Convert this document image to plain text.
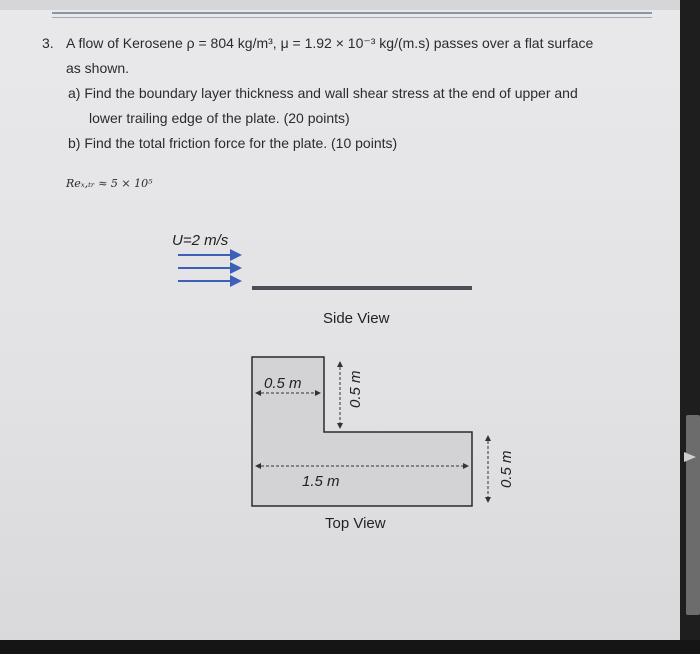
3. A flow of Kerosene ρ = 804 kg/m³, μ = 1.92 × 10⁻³ kg/(m.s) passes over a flat surface
as shown.
a) Find the boundary layer thickness and wall shear stress at the end of upper and
lower trailing edge of the plate. (20 points)
b) Find the total friction force for the plate. (10 points)
Reₓ,ₜᵣ ≈ 5 × 10⁵
U=2 m/s
Side View
0.5 m	0.5 m
1.5 m	0.5 m
Top View
